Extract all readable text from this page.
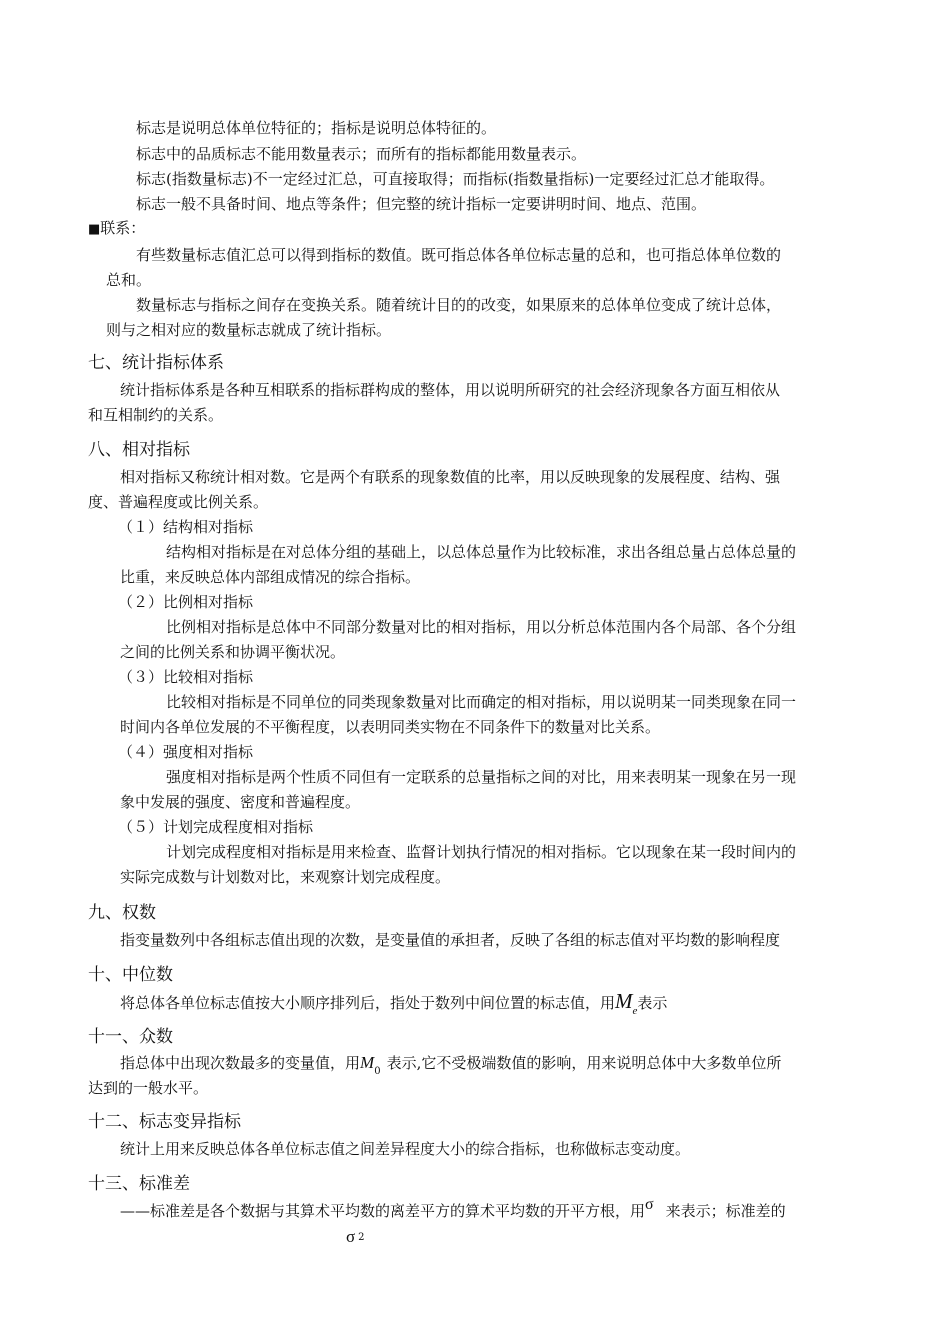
标志是说明总体单位特征的；指标是说明总体特征的。
标志中的品质标志不能用数量表示；而所有的指标都能用数量表示。
标志(指数量标志)不一定经过汇总，可直接取得；而指标(指数量指标)一定要经过汇总才能取得。
标志一般不具备时间、地点等条件；但完整的统计指标一定要讲明时间、地点、范围。
■联系：
有些数量标志值汇总可以得到指标的数值。既可指总体各单位标志量的总和，也可指总体单位数的
总和。
数量标志与指标之间存在变换关系。随着统计目的的改变，如果原来的总体单位变成了统计总体，
则与之相对应的数量标志就成了统计指标。
七、统计指标体系
统计指标体系是各种互相联系的指标群构成的整体，用以说明所研究的社会经济现象各方面互相依从
和互相制约的关系。
八、相对指标
相对指标又称统计相对数。它是两个有联系的现象数值的比率，用以反映现象的发展程度、结构、强
度、普遍程度或比例关系。
（１）结构相对指标
结构相对指标是在对总体分组的基础上，以总体总量作为比较标准，求出各组总量占总体总量的
比重，来反映总体内部组成情况的综合指标。
（２）比例相对指标
比例相对指标是总体中不同部分数量对比的相对指标，用以分析总体范围内各个局部、各个分组
之间的比例关系和协调平衡状况。
（３）比较相对指标
比较相对指标是不同单位的同类现象数量对比而确定的相对指标，用以说明某一同类现象在同一
时间内各单位发展的不平衡程度，以表明同类实物在不同条件下的数量对比关系。
（４）强度相对指标
强度相对指标是两个性质不同但有一定联系的总量指标之间的对比，用来表明某一现象在另一现
象中发展的强度、密度和普遍程度。
（５）计划完成程度相对指标
计划完成程度相对指标是用来检查、监督计划执行情况的相对指标。它以现象在某一段时间内的
实际完成数与计划数对比，来观察计划完成程度。
九、权数
指变量数列中各组标志值出现的次数，是变量值的承担者，反映了各组的标志值对平均数的影响程度
十、中位数
将总体各单位标志值按大小顺序排列后，指处于数列中间位置的标志值，用$M_e$表示
十一、众数
指总体中出现次数最多的变量值，用$M_0$ 表示,它不受极端数值的影响，用来说明总体中大多数单位所
达到的一般水平。
十二、标志变异指标
统计上用来反映总体各单位标志值之间差异程度大小的综合指标，也称做标志变动度。
十三、标准差
——标准差是各个数据与其算术平均数的离差平方的算术平均数的开平方根，用σ 来表示；标准差的
σ 2
